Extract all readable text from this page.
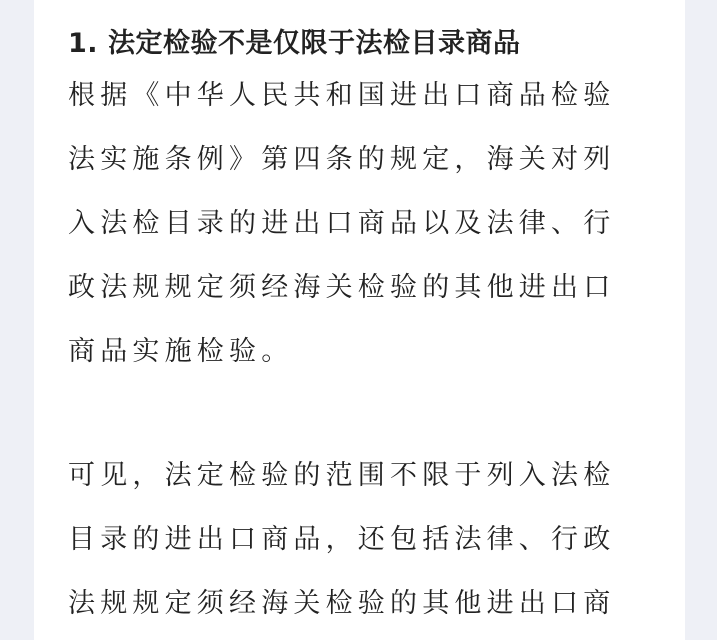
1. 法定检验不是仅限于法检目录商品

根据《中华人民共和国进出口商品检验
法实施条例》第四条的规定，海关对列
入法检目录的进出口商品以及法律、行
政法规规定须经海关检验的其他进出口
商品实施检验。

可见，法定检验的范围不限于列入法检
目录的进出口商品，还包括法律、行政
法规规定须经海关检验的其他进出口商
